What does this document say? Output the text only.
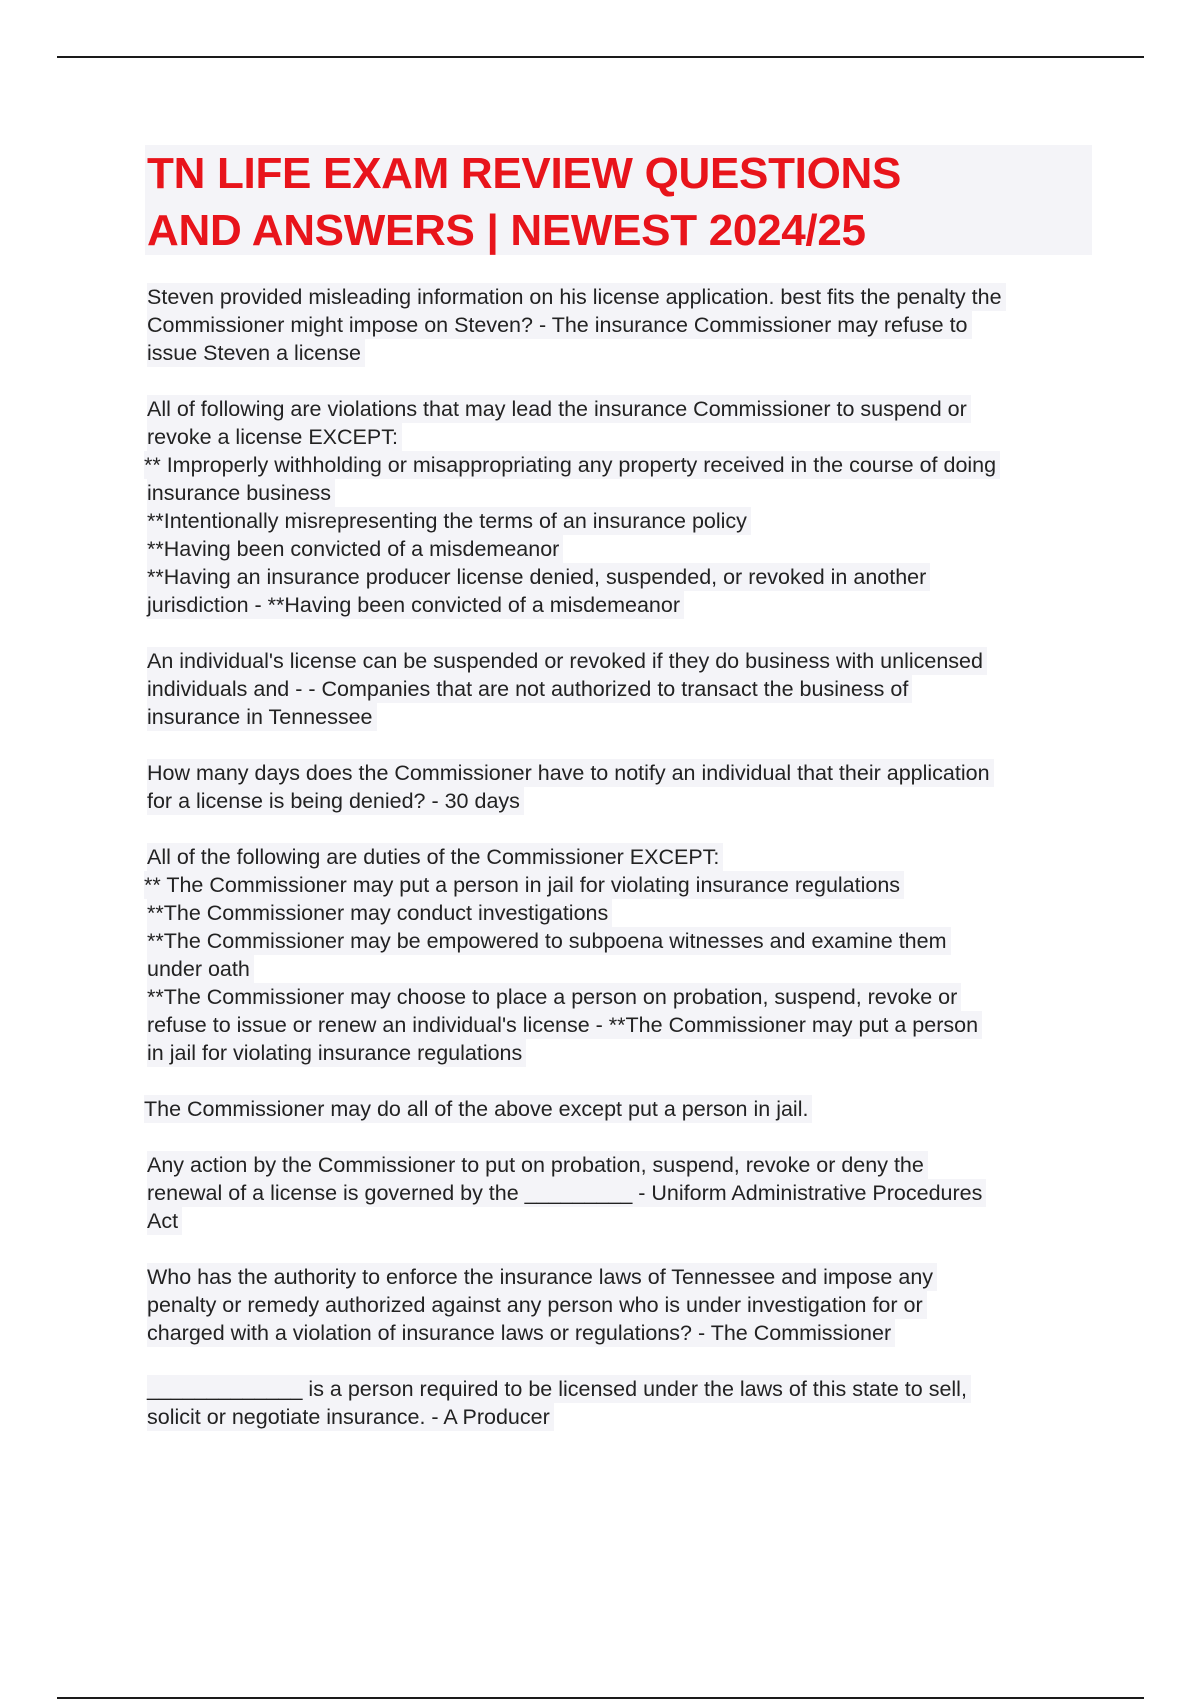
TN LIFE EXAM REVIEW QUESTIONS
AND ANSWERS | NEWEST 2024/25
Steven provided misleading information on his license application. best fits the penalty the
Commissioner might impose on Steven? - The insurance Commissioner may refuse to
issue Steven a license
All of following are violations that may lead the insurance Commissioner to suspend or
revoke a license EXCEPT:
** Improperly withholding or misappropriating any property received in the course of doing
insurance business
**Intentionally misrepresenting the terms of an insurance policy
**Having been convicted of a misdemeanor
**Having an insurance producer license denied, suspended, or revoked in another
jurisdiction - **Having been convicted of a misdemeanor
An individual's license can be suspended or revoked if they do business with unlicensed
individuals and - - Companies that are not authorized to transact the business of
insurance in Tennessee
How many days does the Commissioner have to notify an individual that their application
for a license is being denied? - 30 days
All of the following are duties of the Commissioner EXCEPT:
** The Commissioner may put a person in jail for violating insurance regulations
**The Commissioner may conduct investigations
**The Commissioner may be empowered to subpoena witnesses and examine them
under oath
**The Commissioner may choose to place a person on probation, suspend, revoke or
refuse to issue or renew an individual's license - **The Commissioner may put a person
in jail for violating insurance regulations
The Commissioner may do all of the above except put a person in jail.
Any action by the Commissioner to put on probation, suspend, revoke or deny the
renewal of a license is governed by the _________ - Uniform Administrative Procedures
Act
Who has the authority to enforce the insurance laws of Tennessee and impose any
penalty or remedy authorized against any person who is under investigation for or
charged with a violation of insurance laws or regulations? - The Commissioner
_____________ is a person required to be licensed under the laws of this state to sell,
solicit or negotiate insurance. - A Producer
